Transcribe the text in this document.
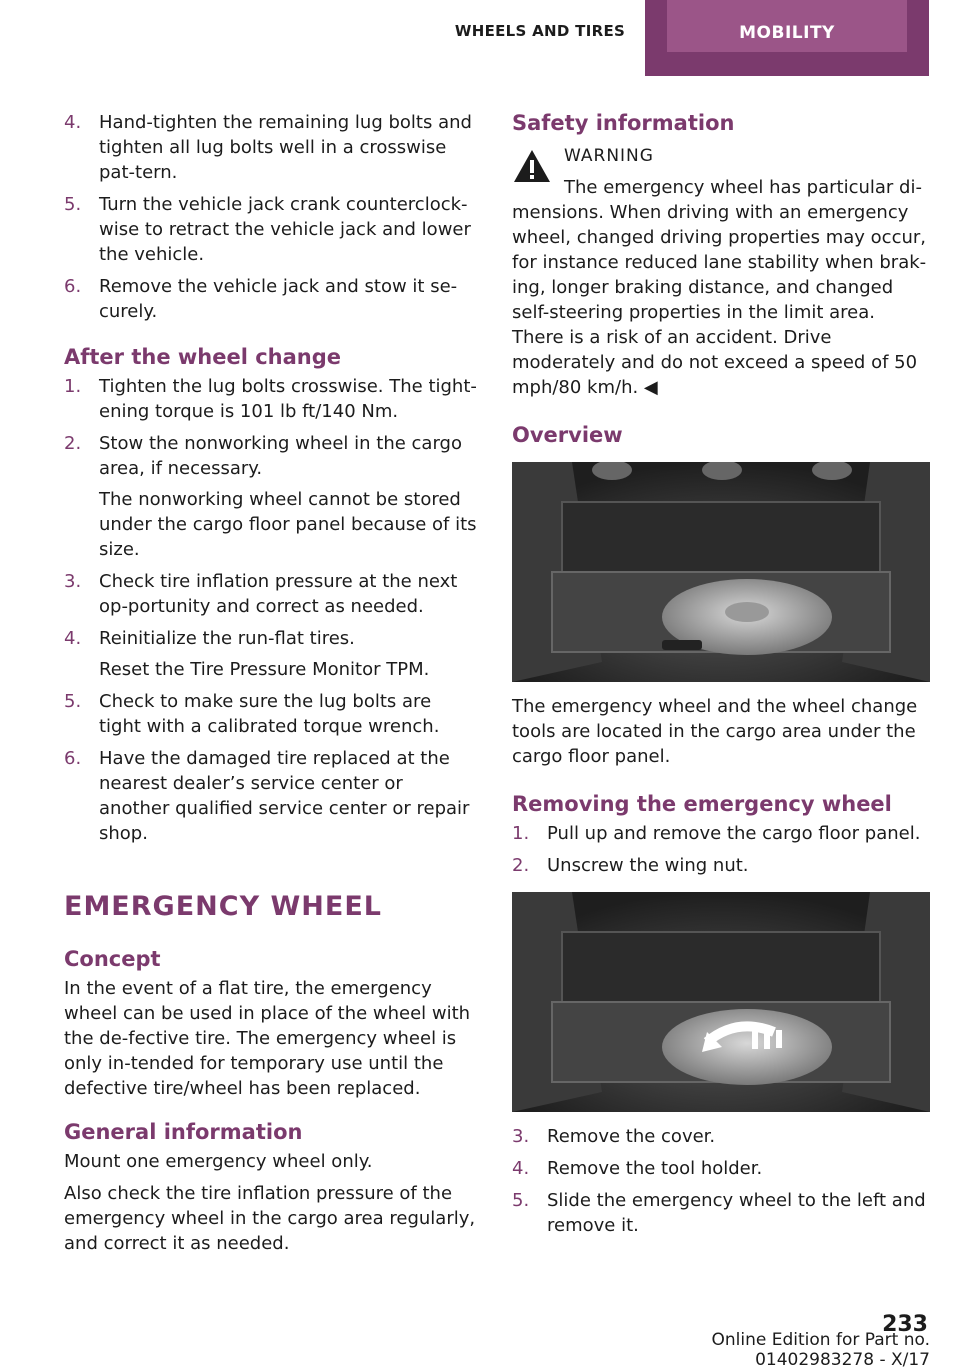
WHEELS AND TIRES	MOBILITY
4. Hand-tighten the remaining lug bolts and tighten all lug bolts well in a crosswise pat‐tern.
5. Turn the vehicle jack crank counterclock‐wise to retract the vehicle jack and lower the vehicle.
6. Remove the vehicle jack and stow it se‐curely.
After the wheel change
1. Tighten the lug bolts crosswise. The tight‐ening torque is 101 lb ft/140 Nm.
2. Stow the nonworking wheel in the cargo area, if necessary.
The nonworking wheel cannot be stored under the cargo floor panel because of its size.
3. Check tire inflation pressure at the next op‐portunity and correct as needed.
4. Reinitialize the run-flat tires.
Reset the Tire Pressure Monitor TPM.
5. Check to make sure the lug bolts are tight with a calibrated torque wrench.
6. Have the damaged tire replaced at the nearest dealer’s service center or another qualified service center or repair shop.
EMERGENCY WHEEL
Concept

In the event of a flat tire, the emergency wheel can be used in place of the wheel with the de‐fective tire. The emergency wheel is only in‐tended for temporary use until the defective tire/wheel has been replaced.

General information

Mount one emergency wheel only.

Also check the tire inflation pressure of the emergency wheel in the cargo area regularly, and correct it as needed.

Safety information
WARNING
The emergency wheel has particular di‐mensions. When driving with an emergency wheel, changed driving properties may occur, for instance reduced lane stability when brak‐ing, longer braking distance, and changed self-steering properties in the limit area. There is a risk of an accident. Drive moderately and do not exceed a speed of 50 mph/80 km/h. ◀
Overview

The emergency wheel and the wheel change tools are located in the cargo area under the cargo floor panel.

Removing the emergency wheel
1. Pull up and remove the cargo floor panel.
2. Unscrew the wing nut.
3. Remove the cover.
4. Remove the tool holder.
5. Slide the emergency wheel to the left and remove it.
233
Online Edition for Part no. 01402983278 - X/17
